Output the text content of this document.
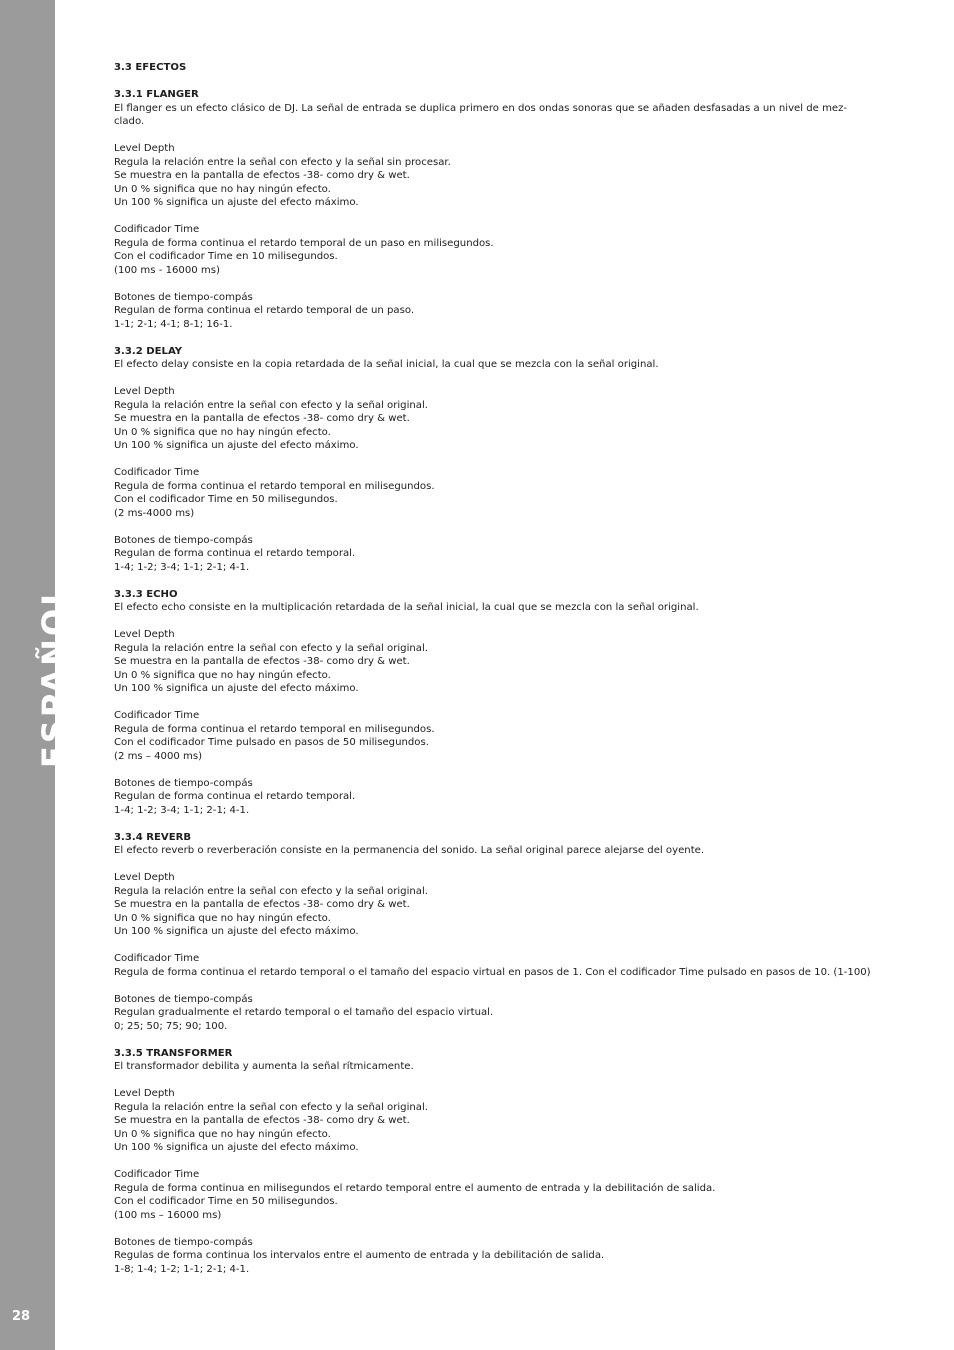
ESPAÑOL
28

3.3 EFECTOS

3.3.1 FLANGER

El flanger es un efecto clásico de DJ. La señal de entrada se duplica primero en dos ondas sonoras que se añaden desfasadas a un nivel de mez-clado.

Level Depth

Regula la relación entre la señal con efecto y la señal sin procesar.

Se muestra en la pantalla de efectos -38- como dry & wet.

Un 0 % significa que no hay ningún efecto.

Un 100 % significa un ajuste del efecto máximo.

Codificador Time

Regula de forma continua el retardo temporal de un paso en milisegundos.

Con el codificador Time en 10 milisegundos.

(100 ms - 16000 ms)

Botones de tiempo-compás

Regulan de forma continua el retardo temporal de un paso.

1-1; 2-1; 4-1; 8-1; 16-1.

3.3.2 DELAY

El efecto delay consiste en la copia retardada de la señal inicial, la cual que se mezcla con la señal original.

Level Depth

Regula la relación entre la señal con efecto y la señal original.

Se muestra en la pantalla de efectos -38- como dry & wet.

Un 0 % significa que no hay ningún efecto.

Un 100 % significa un ajuste del efecto máximo.

Codificador Time

Regula de forma continua el retardo temporal en milisegundos.

Con el codificador Time en 50 milisegundos.

(2 ms-4000 ms)

Botones de tiempo-compás

Regulan de forma continua el retardo temporal.

1-4; 1-2; 3-4; 1-1; 2-1; 4-1.

3.3.3 ECHO

El efecto echo consiste en la multiplicación retardada de la señal inicial, la cual que se mezcla con la señal original.

Level Depth

Regula la relación entre la señal con efecto y la señal original.

Se muestra en la pantalla de efectos -38- como dry & wet.

Un 0 % significa que no hay ningún efecto.

Un 100 % significa un ajuste del efecto máximo.

Codificador Time

Regula de forma continua el retardo temporal en milisegundos.

Con el codificador Time pulsado en pasos de 50 milisegundos.

(2 ms – 4000 ms)

Botones de tiempo-compás

Regulan de forma continua el retardo temporal.

1-4; 1-2; 3-4; 1-1; 2-1; 4-1.

3.3.4 REVERB

El efecto reverb o reverberación consiste en la permanencia del sonido. La señal original parece alejarse del oyente.

Level Depth

Regula la relación entre la señal con efecto y la señal original.

Se muestra en la pantalla de efectos -38- como dry & wet.

Un 0 % significa que no hay ningún efecto.

Un 100 % significa un ajuste del efecto máximo.

Codificador Time

Regula de forma continua el retardo temporal o el tamaño del espacio virtual en pasos de 1. Con el codificador Time pulsado en pasos de 10. (1-100)

Botones de tiempo-compás

Regulan gradualmente el retardo temporal o el tamaño del espacio virtual.

0; 25; 50; 75; 90; 100.

3.3.5 TRANSFORMER

El transformador debilita y aumenta la señal rítmicamente.

Level Depth

Regula la relación entre la señal con efecto y la señal original.

Se muestra en la pantalla de efectos -38- como dry & wet.

Un 0 % significa que no hay ningún efecto.

Un 100 % significa un ajuste del efecto máximo.

Codificador Time

Regula de forma continua en milisegundos el retardo temporal entre el aumento de entrada y la debilitación de salida.

Con el codificador Time en 50 milisegundos.

(100 ms – 16000 ms)

Botones de tiempo-compás

Regulas de forma continua los intervalos entre el aumento de entrada y la debilitación de salida.

1-8; 1-4; 1-2; 1-1; 2-1; 4-1.
